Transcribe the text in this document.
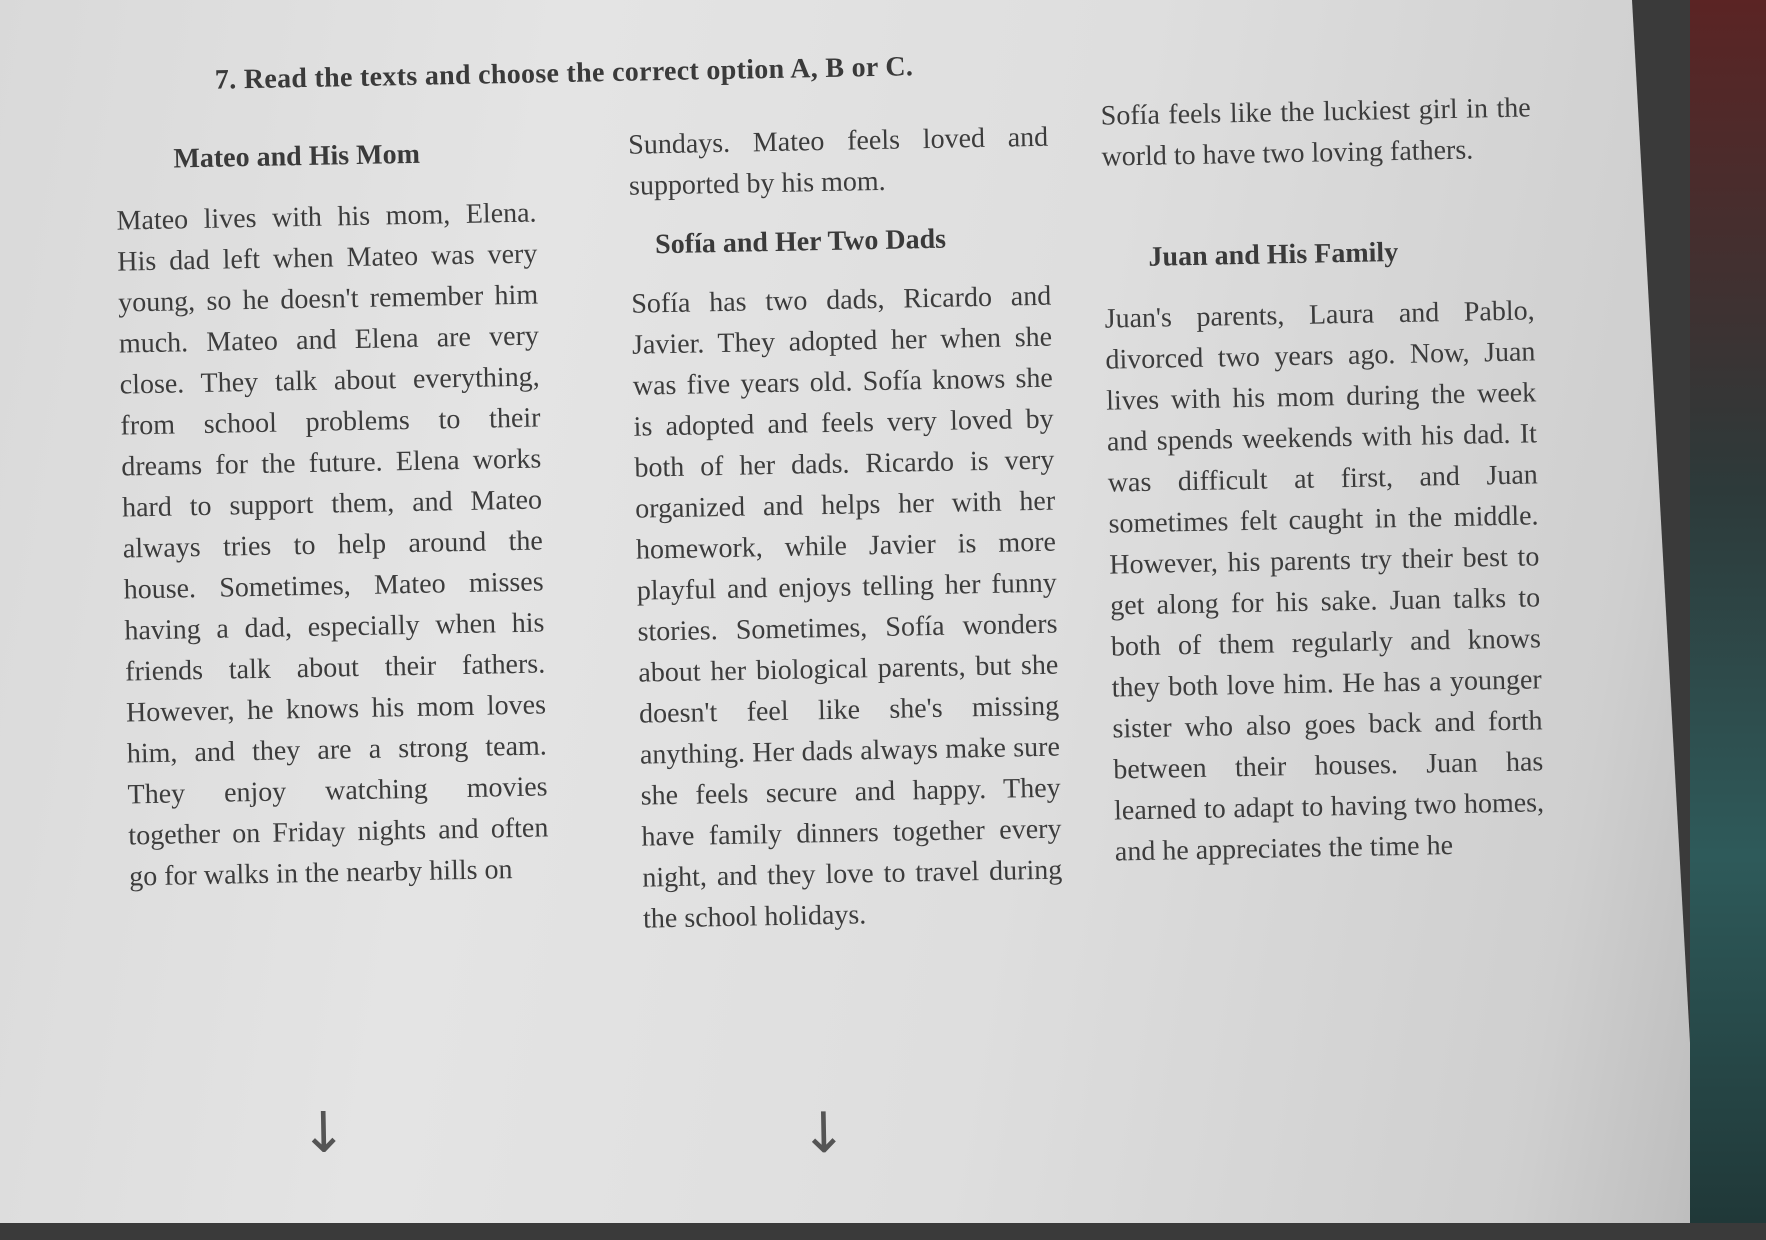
7. Read the texts and choose the correct option A, B or C.
Mateo and His Mom
Mateo lives with his mom, Elena. His dad left when Mateo was very young, so he doesn't remember him much. Mateo and Elena are very close. They talk about everything, from school problems to their dreams for the future. Elena works hard to support them, and Mateo always tries to help around the house. Sometimes, Mateo misses having a dad, especially when his friends talk about their fathers. However, he knows his mom loves him, and they are a strong team. They enjoy watching movies together on Friday nights and often go for walks in the nearby hills on
Sundays. Mateo feels loved and supported by his mom.
Sofía and Her Two Dads
Sofía has two dads, Ricardo and Javier. They adopted her when she was five years old. Sofía knows she is adopted and feels very loved by both of her dads. Ricardo is very organized and helps her with her homework, while Javier is more playful and enjoys telling her funny stories. Sometimes, Sofía wonders about her biological parents, but she doesn't feel like she's missing anything. Her dads always make sure she feels secure and happy. They have family dinners together every night, and they love to travel during the school holidays.
Sofía feels like the luckiest girl in the world to have two loving fathers.
Juan and His Family
Juan's parents, Laura and Pablo, divorced two years ago. Now, Juan lives with his mom during the week and spends weekends with his dad. It was difficult at first, and Juan sometimes felt caught in the middle. However, his parents try their best to get along for his sake. Juan talks to both of them regularly and knows they both love him. He has a younger sister who also goes back and forth between their houses. Juan has learned to adapt to having two homes, and he appreciates the time he
↓	↓
